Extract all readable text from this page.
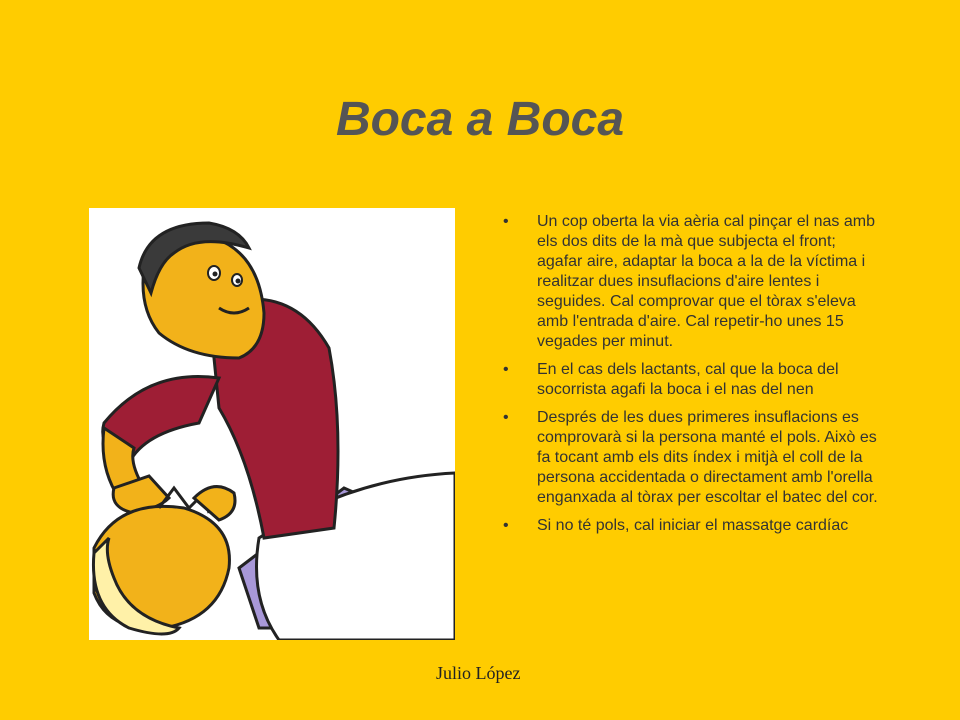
Boca a Boca
• Un cop oberta la via aèria cal pinçar el nas amb els dos dits de la mà que subjecta el front; agafar aire, adaptar la boca a la de la víctima i realitzar dues insuflacions d'aire lentes i seguides. Cal comprovar que el tòrax s'eleva amb l'entrada d'aire. Cal repetir-ho unes 15 vegades per minut.
• En el cas dels lactants, cal que la boca del socorrista agafi la boca i el nas del nen
• Després de les dues primeres insuflacions es comprovarà si la persona manté el pols. Això es fa tocant amb els dits índex i mitjà el coll de la persona accidentada o directament amb l'orella enganxada al tòrax per escoltar el batec del cor.
• Si no té pols, cal iniciar el massatge cardíac
Julio López
